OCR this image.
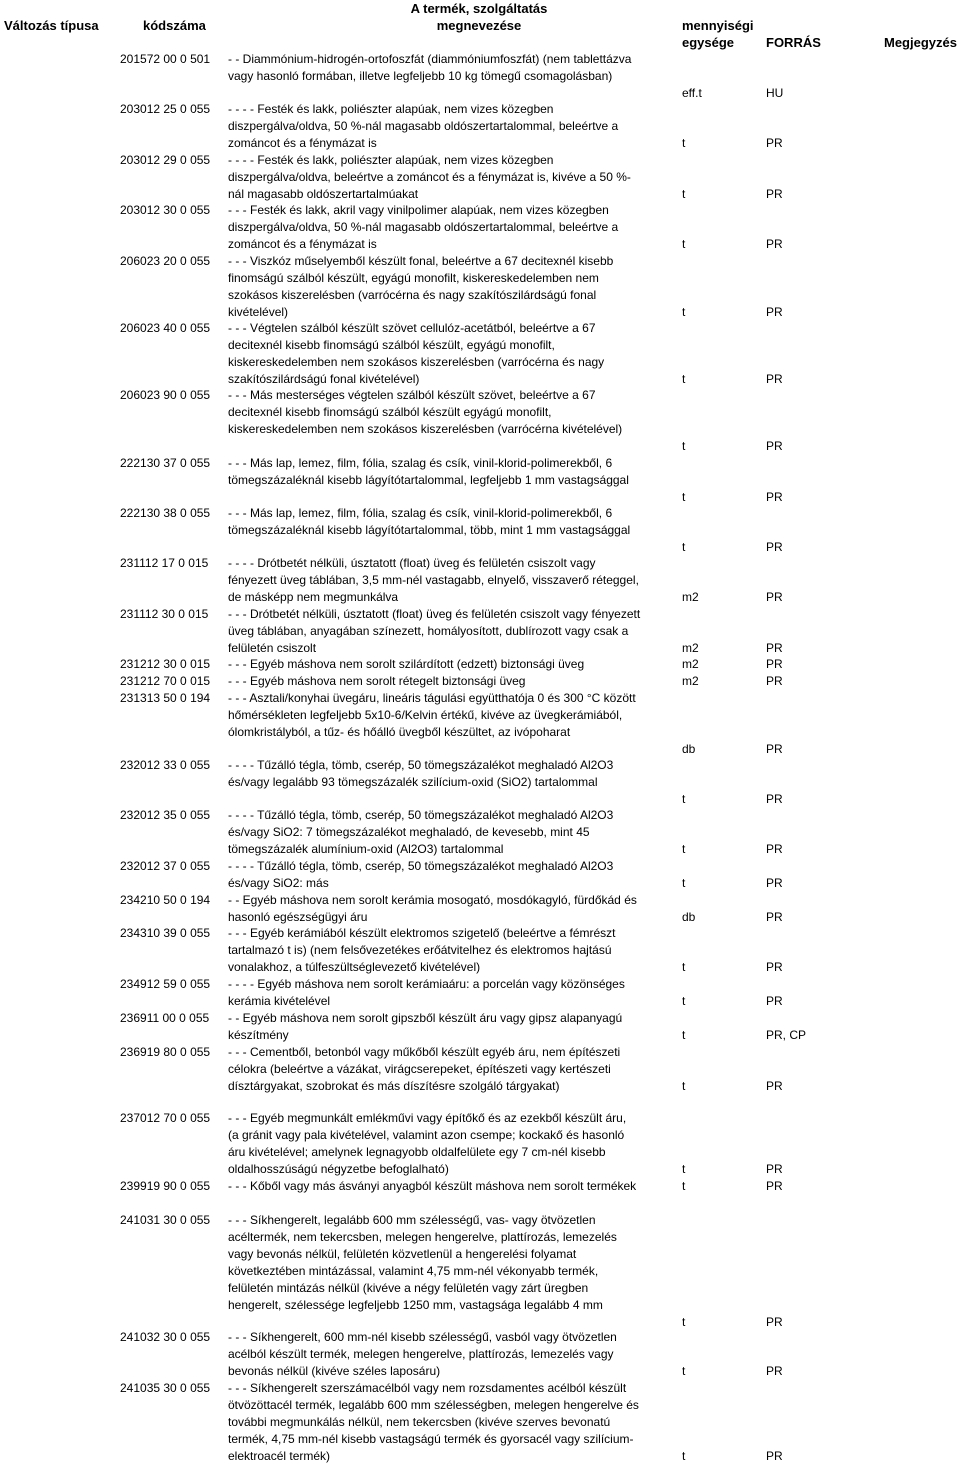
Változás típusa	kódszáma
A termék, szolgáltatás
megnevezése	mennyiségi
egysége	FORRÁS	Megjegyzés
201572 00 0 501	- - Diammónium-hidrogén-ortofoszfát (diammóniumfoszfát) (nem tablettázva
vagy hasonló formában, illetve legfeljebb 10 kg tömegű csomagolásban)
eff.t	HU
203012 25 0 055	- - - - Festék és lakk, poliészter alapúak, nem vizes közegben
diszpergálva/oldva, 50 %-nál magasabb oldószertartalommal, beleértve a
zománcot és a fénymázat is	t	PR
203012 29 0 055	- - - - Festék és lakk, poliészter alapúak, nem vizes közegben
diszpergálva/oldva, beleértve a zománcot és a fénymázat is, kivéve a 50 %-
nál magasabb oldószertartalmúakat	t	PR
203012 30 0 055	- - - Festék és lakk, akril vagy vinilpolimer alapúak, nem vizes közegben
diszpergálva/oldva, 50 %-nál magasabb oldószertartalommal, beleértve a
zománcot és a fénymázat is	t	PR
206023 20 0 055	- - - Viszkóz műselyemből készült fonal, beleértve a 67 decitexnél kisebb
finomságú szálból készült, egyágú monofilt, kiskereskedelemben nem
szokásos kiszerelésben (varrócérna és nagy szakítószilárdságú fonal
kivételével)	t	PR
206023 40 0 055	- - - Végtelen szálból készült szövet cellulóz-acetátból, beleértve a 67
decitexnél kisebb finomságú szálból készült, egyágú monofilt,
kiskereskedelemben nem szokásos kiszerelésben (varrócérna és nagy
szakítószilárdságú fonal kivételével)	t	PR
206023 90 0 055	- - - Más mesterséges végtelen szálból készült szövet, beleértve a 67
decitexnél kisebb finomságú szálból készült egyágú monofilt,
kiskereskedelemben nem szokásos kiszerelésben (varrócérna kivételével)
t	PR
222130 37 0 055	- - - Más lap, lemez, film, fólia, szalag és csík, vinil-klorid-polimerekből, 6
tömegszázaléknál kisebb lágyítótartalommal, legfeljebb 1 mm vastagsággal
t	PR
222130 38 0 055	- - - Más lap, lemez, film, fólia, szalag és csík, vinil-klorid-polimerekből, 6
tömegszázaléknál kisebb lágyítótartalommal, több, mint 1 mm vastagsággal
t	PR
231112 17 0 015	- - - - Drótbetét nélküli, úsztatott (float) üveg és felületén csiszolt vagy
fényezett üveg táblában, 3,5 mm-nél vastagabb, elnyelő, visszaverő réteggel,
de másképp nem megmunkálva	m2	PR
231112 30 0 015	- - - Drótbetét nélküli, úsztatott (float) üveg és felületén csiszolt vagy fényezett
üveg táblában, anyagában színezett, homályosított, dublírozott vagy csak a
felületén csiszolt	m2	PR
231212 30 0 015	- - - Egyéb máshova nem sorolt szilárdított (edzett) biztonsági üveg	m2	PR
231212 70 0 015	- - - Egyéb máshova nem sorolt rétegelt biztonsági üveg	m2	PR
231313 50 0 194	- - - Asztali/konyhai üvegáru, lineáris tágulási együtthatója 0 és 300 °C között
hőmérsékleten legfeljebb 5x10-6/Kelvin értékű, kivéve az üvegkerámiából,
ólomkristályból, a tűz- és hőálló üvegből készültet, az ivópoharat
db	PR
232012 33 0 055	- - - - Tűzálló tégla, tömb, cserép, 50 tömegszázalékot meghaladó Al2O3
és/vagy legalább 93 tömegszázalék szilícium-oxid (SiO2) tartalommal
t	PR
232012 35 0 055	- - - - Tűzálló tégla, tömb, cserép, 50 tömegszázalékot meghaladó Al2O3
és/vagy SiO2: 7 tömegszázalékot meghaladó, de kevesebb, mint 45
tömegszázalék alumínium-oxid (Al2O3) tartalommal	t	PR
232012 37 0 055	- - - - Tűzálló tégla, tömb, cserép, 50 tömegszázalékot meghaladó Al2O3
és/vagy SiO2: más	t	PR
234210 50 0 194	- - Egyéb máshova nem sorolt kerámia mosogató, mosdókagyló, fürdőkád és
hasonló egészségügyi áru	db	PR
234310 39 0 055	- - - Egyéb kerámiából készült elektromos szigetelő (beleértve a fémrészt
tartalmazó t is) (nem felsővezetékes erőátvitelhez és elektromos hajtású
vonalakhoz, a túlfeszültséglevezető kivételével)	t	PR
234912 59 0 055	- - - - Egyéb máshova nem sorolt kerámiaáru: a porcelán vagy közönséges
kerámia kivételével	t	PR
236911 00 0 055	- - Egyéb máshova nem sorolt gipszből készült áru vagy gipsz alapanyagú
készítmény	t	PR, CP
236919 80 0 055	- - - Cementből, betonból vagy műkőből készült egyéb áru, nem építészeti
célokra (beleértve a vázákat, virágcserepeket, építészeti vagy kertészeti
dísztárgyakat, szobrokat és más díszítésre szolgáló tárgyakat)	t	PR
237012 70 0 055	- - - Egyéb megmunkált emlékművi vagy építőkő és az ezekből készült áru,
(a gránit vagy pala kivételével, valamint azon csempe; kockakő és hasonló
áru kivételével; amelynek legnagyobb oldalfelülete egy 7 cm-nél kisebb
oldalhosszúságú négyzetbe befoglalható)	t	PR
239919 90 0 055	- - - Kőből vagy más ásványi anyagból készült máshova nem sorolt termékek	t	PR
241031 30 0 055	- - - Síkhengerelt, legalább 600 mm szélességű, vas- vagy ötvözetlen
acéltermék, nem tekercsben, melegen hengerelve, plattírozás, lemezelés
vagy bevonás nélkül, felületén közvetlenül a hengerelési folyamat
következtében mintázással, valamint 4,75 mm-nél vékonyabb termék,
felületén mintázás nélkül (kivéve a négy felületén vagy zárt üregben
hengerelt, szélessége legfeljebb 1250 mm, vastagsága legalább 4 mm
t	PR
241032 30 0 055	- - - Síkhengerelt, 600 mm-nél kisebb szélességű, vasból vagy ötvözetlen
acélból készült termék, melegen hengerelve, plattírozás, lemezelés vagy
bevonás nélkül (kivéve széles laposáru)	t	PR
241035 30 0 055	- - - Síkhengerelt szerszámacélból vagy nem rozsdamentes acélból készült
ötvözöttacél termék, legalább 600 mm szélességben, melegen hengerelve és
további megmunkálás nélkül, nem tekercsben (kivéve szerves bevonatú
termék, 4,75 mm-nél kisebb vastagságú termék és gyorsacél vagy szilícium-
elektroacél termék)	t	PR
